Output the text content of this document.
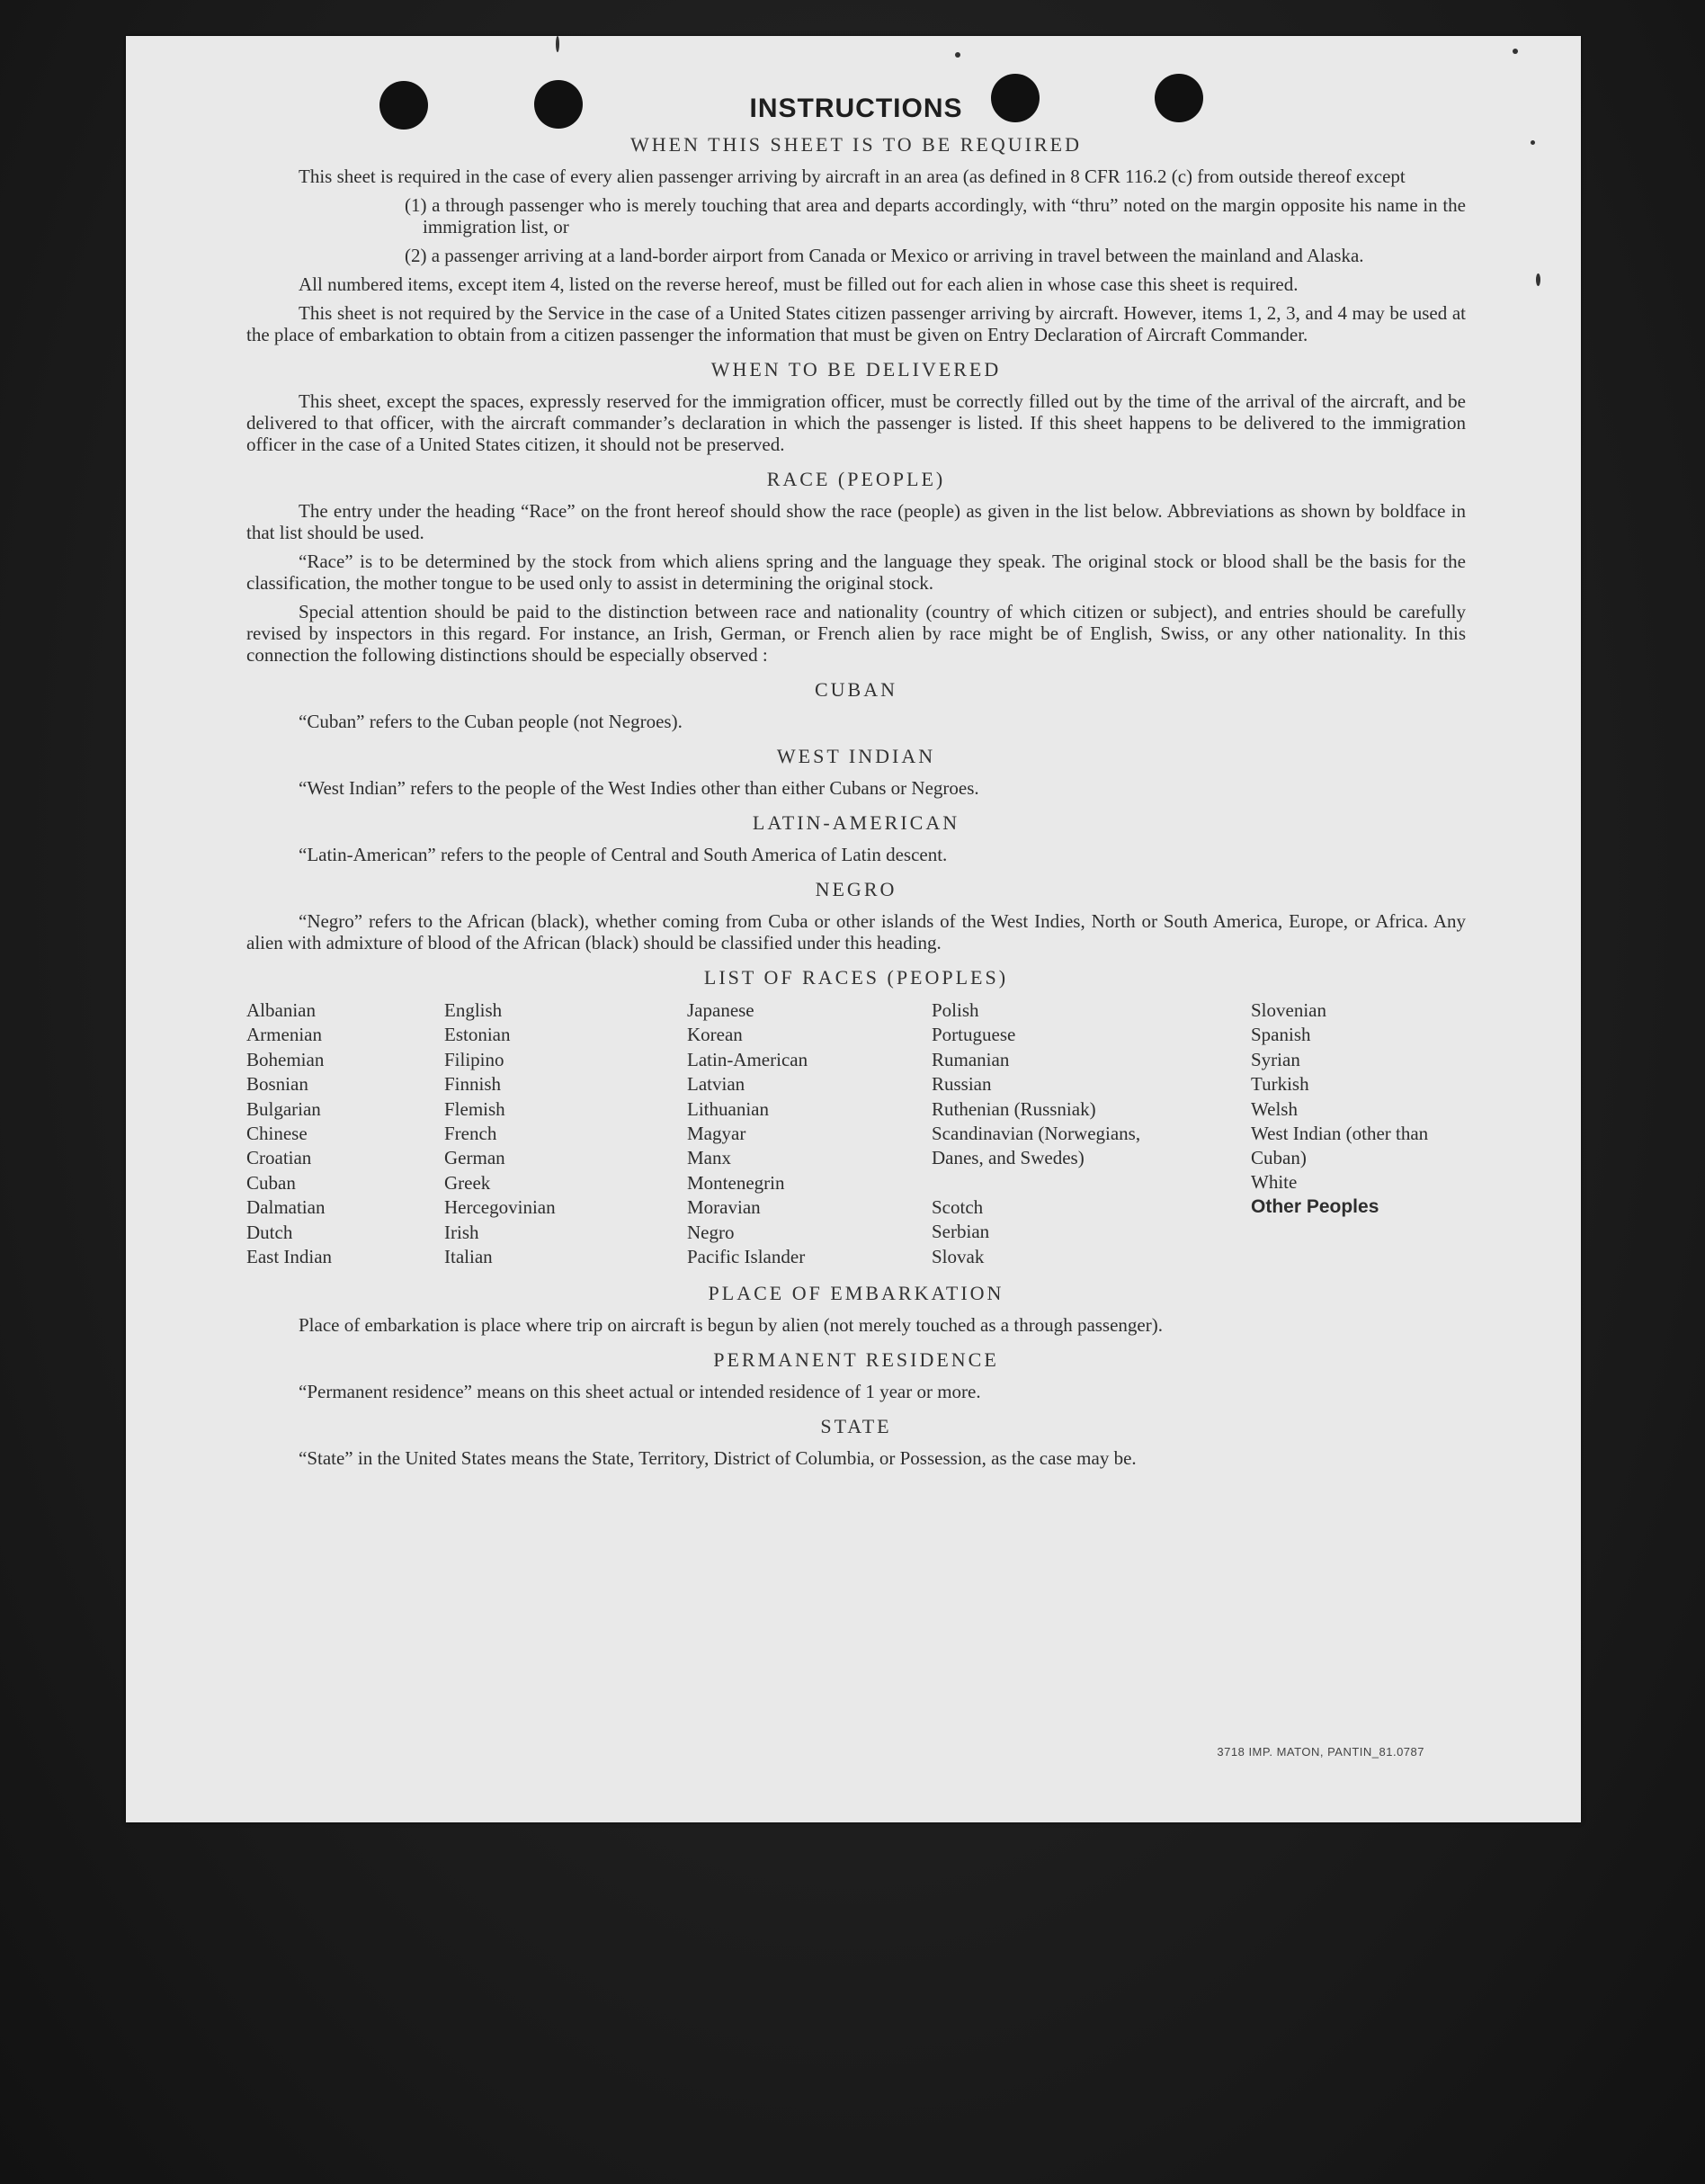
INSTRUCTIONS
WHEN THIS SHEET IS TO BE REQUIRED

This sheet is required in the case of every alien passenger arriving by aircraft in an area (as defined in 8 CFR 116.2 (c) from outside thereof except

(1) a through passenger who is merely touching that area and departs accordingly, with “thru” noted on the margin opposite his name in the immigration list, or

(2) a passenger arriving at a land-border airport from Canada or Mexico or arriving in travel between the mainland and Alaska.

All numbered items, except item 4, listed on the reverse hereof, must be filled out for each alien in whose case this sheet is required.

This sheet is not required by the Service in the case of a United States citizen passenger arriving by aircraft. However, items 1, 2, 3, and 4 may be used at the place of embarkation to obtain from a citizen passenger the information that must be given on Entry Declaration of Aircraft Commander.

WHEN TO BE DELIVERED

This sheet, except the spaces, expressly reserved for the immigration officer, must be correctly filled out by the time of the arrival of the aircraft, and be delivered to that officer, with the aircraft commander’s declaration in which the passenger is listed. If this sheet happens to be delivered to the immigration officer in the case of a United States citizen, it should not be preserved.

RACE (PEOPLE)

The entry under the heading “Race” on the front hereof should show the race (people) as given in the list below. Abbreviations as shown by boldface in that list should be used.

“Race” is to be determined by the stock from which aliens spring and the language they speak. The original stock or blood shall be the basis for the classification, the mother tongue to be used only to assist in determining the original stock.

Special attention should be paid to the distinction between race and nationality (country of which citizen or subject), and entries should be carefully revised by inspectors in this regard. For instance, an Irish, German, or French alien by race might be of English, Swiss, or any other nationality. In this connection the following distinctions should be especially observed :

CUBAN

“Cuban” refers to the Cuban people (not Negroes).

WEST INDIAN

“West Indian” refers to the people of the West Indies other than either Cubans or Negroes.

LATIN-AMERICAN

“Latin-American” refers to the people of Central and South America of Latin descent.

NEGRO

“Negro” refers to the African (black), whether coming from Cuba or other islands of the West Indies, North or South America, Europe, or Africa. Any alien with admixture of blood of the African (black) should be classified under this heading.

LIST OF RACES (PEOPLES)
Albanian
Armenian
Bohemian
Bosnian
Bulgarian
Chinese
Croatian
Cuban
Dalmatian
Dutch
East Indian
English
Estonian
Filipino
Finnish
Flemish
French
German
Greek
Hercegovinian
Irish
Italian
Japanese
Korean
Latin-American
Latvian
Lithuanian
Magyar
Manx
Montenegrin
Moravian
Negro
Pacific Islander
Polish
Portuguese
Rumanian
Russian
Ruthenian (Russniak)
Scandinavian (Norwegians, Danes, and Swedes)
Scotch
Serbian
Slovak
Slovenian
Spanish
Syrian
Turkish
Welsh
West Indian (other than Cuban)
White
Other Peoples
PLACE OF EMBARKATION

Place of embarkation is place where trip on aircraft is begun by alien (not merely touched as a through passenger).

PERMANENT RESIDENCE

“Permanent residence” means on this sheet actual or intended residence of 1 year or more.

STATE

“State” in the United States means the State, Territory, District of Columbia, or Possession, as the case may be.

3718 IMP. MATON, PANTIN_81.0787
